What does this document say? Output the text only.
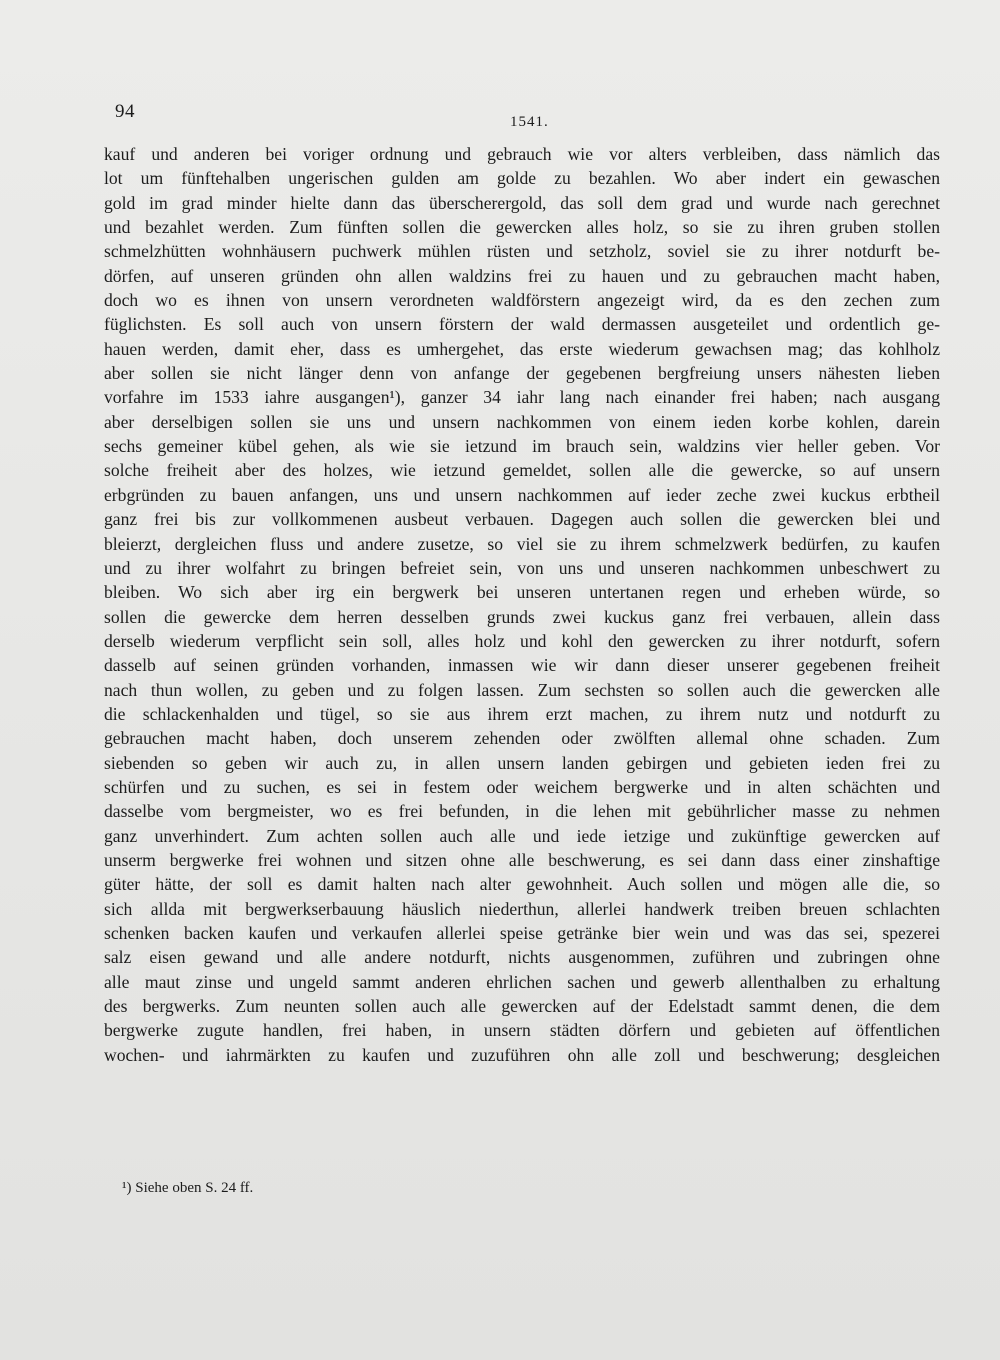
94	1541.
kauf und anderen bei voriger ordnung und gebrauch wie vor alters verbleiben, dass nämlich das
lot um fünftehalben ungerischen gulden am golde zu bezahlen. Wo aber indert ein gewaschen
gold im grad minder hielte dann das überscherergold, das soll dem grad und wurde nach gerechnet
und bezahlet werden. Zum fünften sollen die gewercken alles holz, so sie zu ihren gruben stollen
schmelzhütten wohnhäusern puchwerk mühlen rüsten und setzholz, soviel sie zu ihrer notdurft be-
dörfen, auf unseren gründen ohn allen waldzins frei zu hauen und zu gebrauchen macht haben,
doch wo es ihnen von unsern verordneten waldförstern angezeigt wird, da es den zechen zum
füglichsten. Es soll auch von unsern förstern der wald dermassen ausgeteilet und ordentlich ge-
hauen werden, damit eher, dass es umhergehet, das erste wiederum gewachsen mag; das kohlholz
aber sollen sie nicht länger denn von anfange der gegebenen bergfreiung unsers nähesten lieben
vorfahre im 1533 iahre ausgangen¹), ganzer 34 iahr lang nach einander frei haben; nach ausgang
aber derselbigen sollen sie uns und unsern nachkommen von einem ieden korbe kohlen, darein
sechs gemeiner kübel gehen, als wie sie ietzund im brauch sein, waldzins vier heller geben. Vor
solche freiheit aber des holzes, wie ietzund gemeldet, sollen alle die gewercke, so auf unsern
erbgründen zu bauen anfangen, uns und unsern nachkommen auf ieder zeche zwei kuckus erbtheil
ganz frei bis zur vollkommenen ausbeut verbauen. Dagegen auch sollen die gewercken blei und
bleierzt, dergleichen fluss und andere zusetze, so viel sie zu ihrem schmelzwerk bedürfen, zu kaufen
und zu ihrer wolfahrt zu bringen befreiet sein, von uns und unseren nachkommen unbeschwert zu
bleiben. Wo sich aber irg ein bergwerk bei unseren untertanen regen und erheben würde, so
sollen die gewercke dem herren desselben grunds zwei kuckus ganz frei verbauen, allein dass
derselb wiederum verpflicht sein soll, alles holz und kohl den gewercken zu ihrer notdurft, sofern
dasselb auf seinen gründen vorhanden, inmassen wie wir dann dieser unserer gegebenen freiheit
nach thun wollen, zu geben und zu folgen lassen. Zum sechsten so sollen auch die gewercken alle
die schlackenhalden und tügel, so sie aus ihrem erzt machen, zu ihrem nutz und notdurft zu
gebrauchen macht haben, doch unserem zehenden oder zwölften allemal ohne schaden. Zum
siebenden so geben wir auch zu, in allen unsern landen gebirgen und gebieten ieden frei zu
schürfen und zu suchen, es sei in festem oder weichem bergwerke und in alten schächten und
dasselbe vom bergmeister, wo es frei befunden, in die lehen mit gebührlicher masse zu nehmen
ganz unverhindert. Zum achten sollen auch alle und iede ietzige und zukünftige gewercken auf
unserm bergwerke frei wohnen und sitzen ohne alle beschwerung, es sei dann dass einer zinshaftige
güter hätte, der soll es damit halten nach alter gewohnheit. Auch sollen und mögen alle die, so
sich allda mit bergwerkserbauung häuslich niederthun, allerlei handwerk treiben breuen schlachten
schenken backen kaufen und verkaufen allerlei speise getränke bier wein und was das sei, spezerei
salz eisen gewand und alle andere notdurft, nichts ausgenommen, zuführen und zubringen ohne
alle maut zinse und ungeld sammt anderen ehrlichen sachen und gewerb allenthalben zu erhaltung
des bergwerks. Zum neunten sollen auch alle gewercken auf der Edelstadt sammt denen, die dem
bergwerke zugute handlen, frei haben, in unsern städten dörfern und gebieten auf öffentlichen
wochen- und iahrmärkten zu kaufen und zuzuführen ohn alle zoll und beschwerung; desgleichen
¹) Siehe oben S. 24 ff.
